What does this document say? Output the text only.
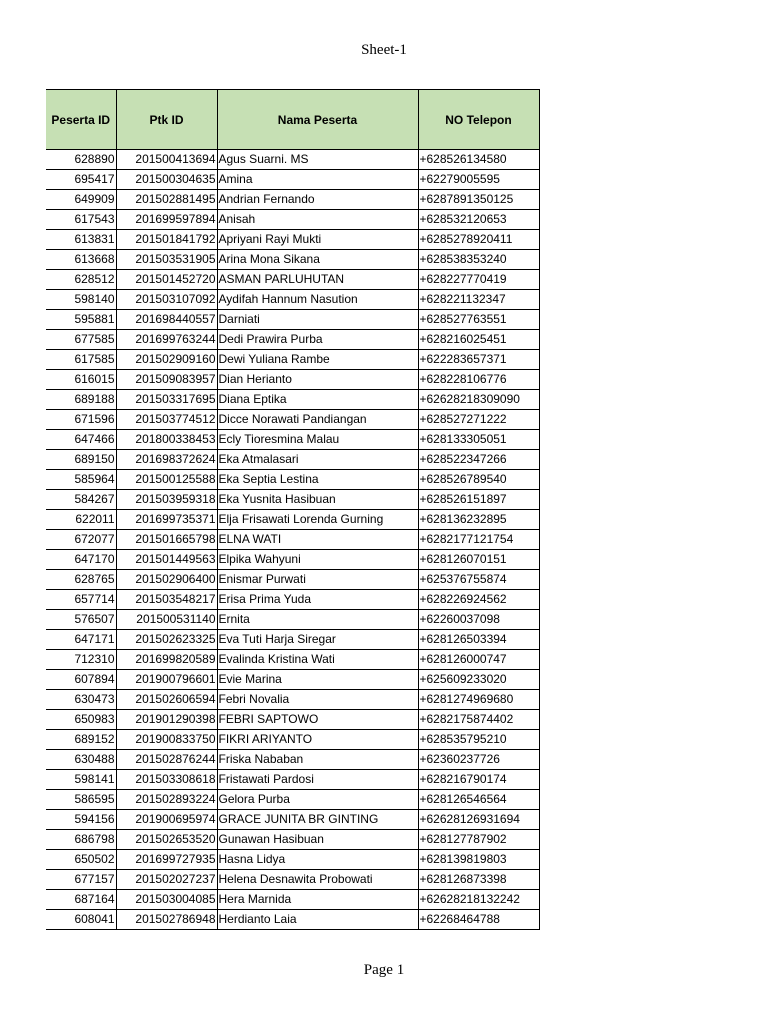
Sheet-1
Peserta ID	Ptk ID	Nama Peserta	NO Telepon
628890	201500413694	Agus Suarni. MS	+628526134580
695417	201500304635	Amina	+62279005595
649909	201502881495	Andrian Fernando	+6287891350125
617543	201699597894	Anisah	+628532120653
613831	201501841792	Apriyani Rayi Mukti	+6285278920411
613668	201503531905	Arina Mona Sikana	+628538353240
628512	201501452720	ASMAN PARLUHUTAN	+628227770419
598140	201503107092	Aydifah Hannum Nasution	+628221132347
595881	201698440557	Darniati	+628527763551
677585	201699763244	Dedi Prawira Purba	+628216025451
617585	201502909160	Dewi Yuliana Rambe	+622283657371
616015	201509083957	Dian Herianto	+628228106776
689188	201503317695	Diana Eptika	+62628218309090
671596	201503774512	Dicce Norawati Pandiangan	+628527271222
647466	201800338453	Ecly Tioresmina Malau	+628133305051
689150	201698372624	Eka Atmalasari	+628522347266
585964	201500125588	Eka Septia Lestina	+628526789540
584267	201503959318	Eka Yusnita Hasibuan	+628526151897
622011	201699735371	Elja Frisawati Lorenda Gurning	+628136232895
672077	201501665798	ELNA WATI	+6282177121754
647170	201501449563	Elpika Wahyuni	+628126070151
628765	201502906400	Enismar Purwati	+625376755874
657714	201503548217	Erisa Prima Yuda	+628226924562
576507	201500531140	Ernita	+62260037098
647171	201502623325	Eva Tuti Harja Siregar	+628126503394
712310	201699820589	Evalinda Kristina Wati	+628126000747
607894	201900796601	Evie Marina	+625609233020
630473	201502606594	Febri Novalia	+6281274969680
650983	201901290398	FEBRI SAPTOWO	+6282175874402
689152	201900833750	FIKRI ARIYANTO	+628535795210
630488	201502876244	Friska Nababan	+62360237726
598141	201503308618	Fristawati Pardosi	+628216790174
586595	201502893224	Gelora Purba	+628126546564
594156	201900695974	GRACE JUNITA BR GINTING	+62628126931694
686798	201502653520	Gunawan Hasibuan	+628127787902
650502	201699727935	Hasna Lidya	+628139819803
677157	201502027237	Helena Desnawita Probowati	+628126873398
687164	201503004085	Hera Marnida	+62628218132242
608041	201502786948	Herdianto Laia	+62268464788
Page 1
